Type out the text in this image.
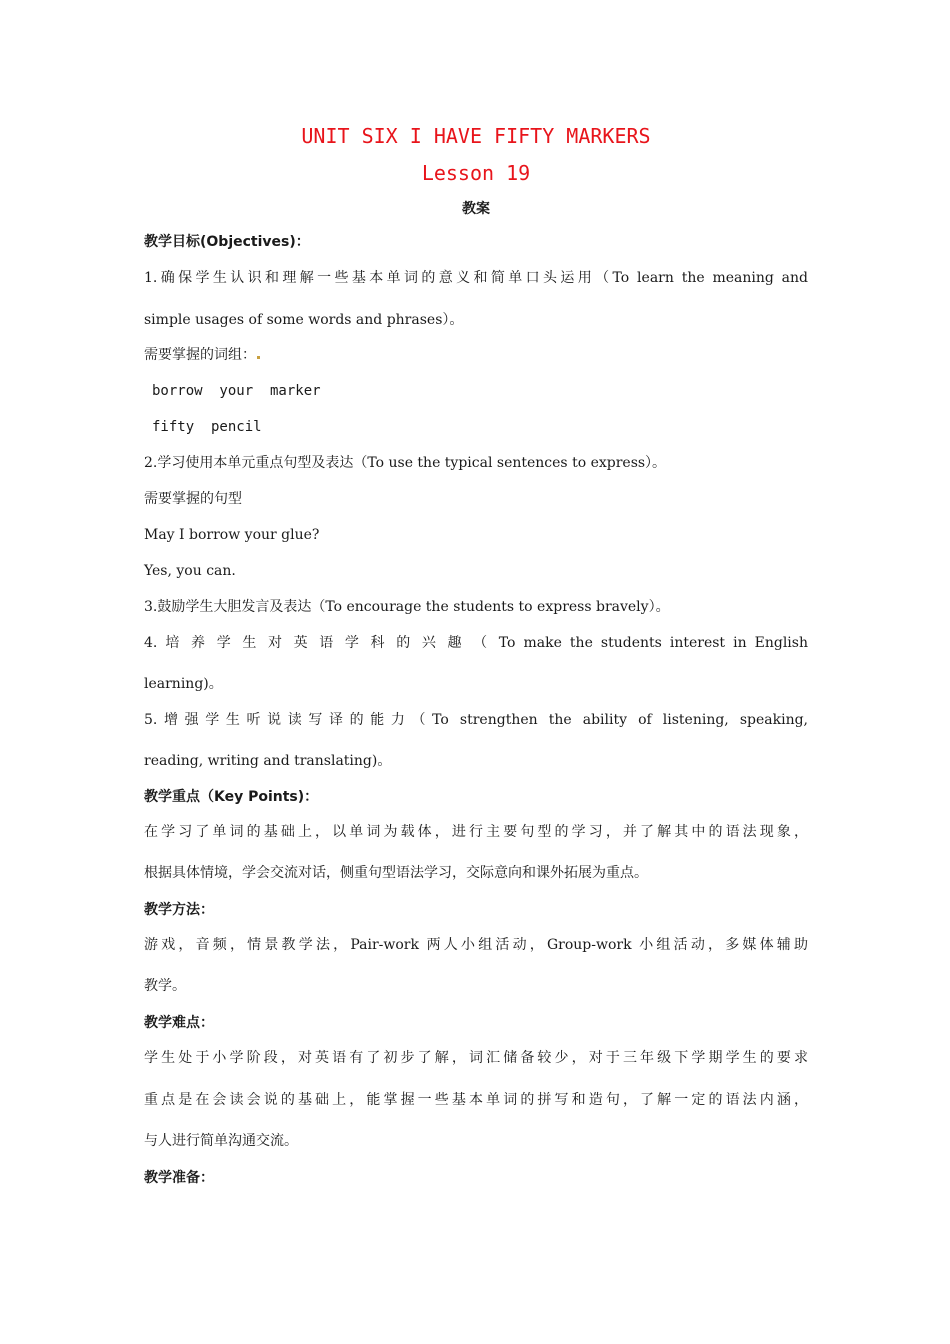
UNIT SIX I HAVE FIFTY MARKERS
Lesson 19
教案
教学目标(Objectives)：
1.确保学生认识和理解一些基本单词的意义和简单口头运用（To learn the meaning and
simple usages of some words and phrases）。
需要掌握的词组：
borrow  your  marker
fifty  pencil
2.学习使用本单元重点句型及表达（To use the typical sentences to express）。
需要掌握的句型
May I borrow your glue?
Yes, you can.
3.鼓励学生大胆发言及表达（To encourage the students to express bravely）。
4. 培 养 学 生 对 英 语 学 科 的 兴 趣 （ To make the students interest in English
learning)。
5.增强学生听说读写译的能力（To strengthen the ability of listening, speaking,
reading, writing and translating)。
教学重点（Key Points)：
在学习了单词的基础上，以单词为载体，进行主要句型的学习，并了解其中的语法现象，
根据具体情境，学会交流对话，侧重句型语法学习，交际意向和课外拓展为重点。
教学方法：
游戏，音频，情景教学法，Pair-work 两人小组活动，Group-work 小组活动，多媒体辅助
教学。
教学难点：
学生处于小学阶段，对英语有了初步了解，词汇储备较少，对于三年级下学期学生的要求
重点是在会读会说的基础上，能掌握一些基本单词的拼写和造句，了解一定的语法内涵，
与人进行简单沟通交流。
教学准备：
